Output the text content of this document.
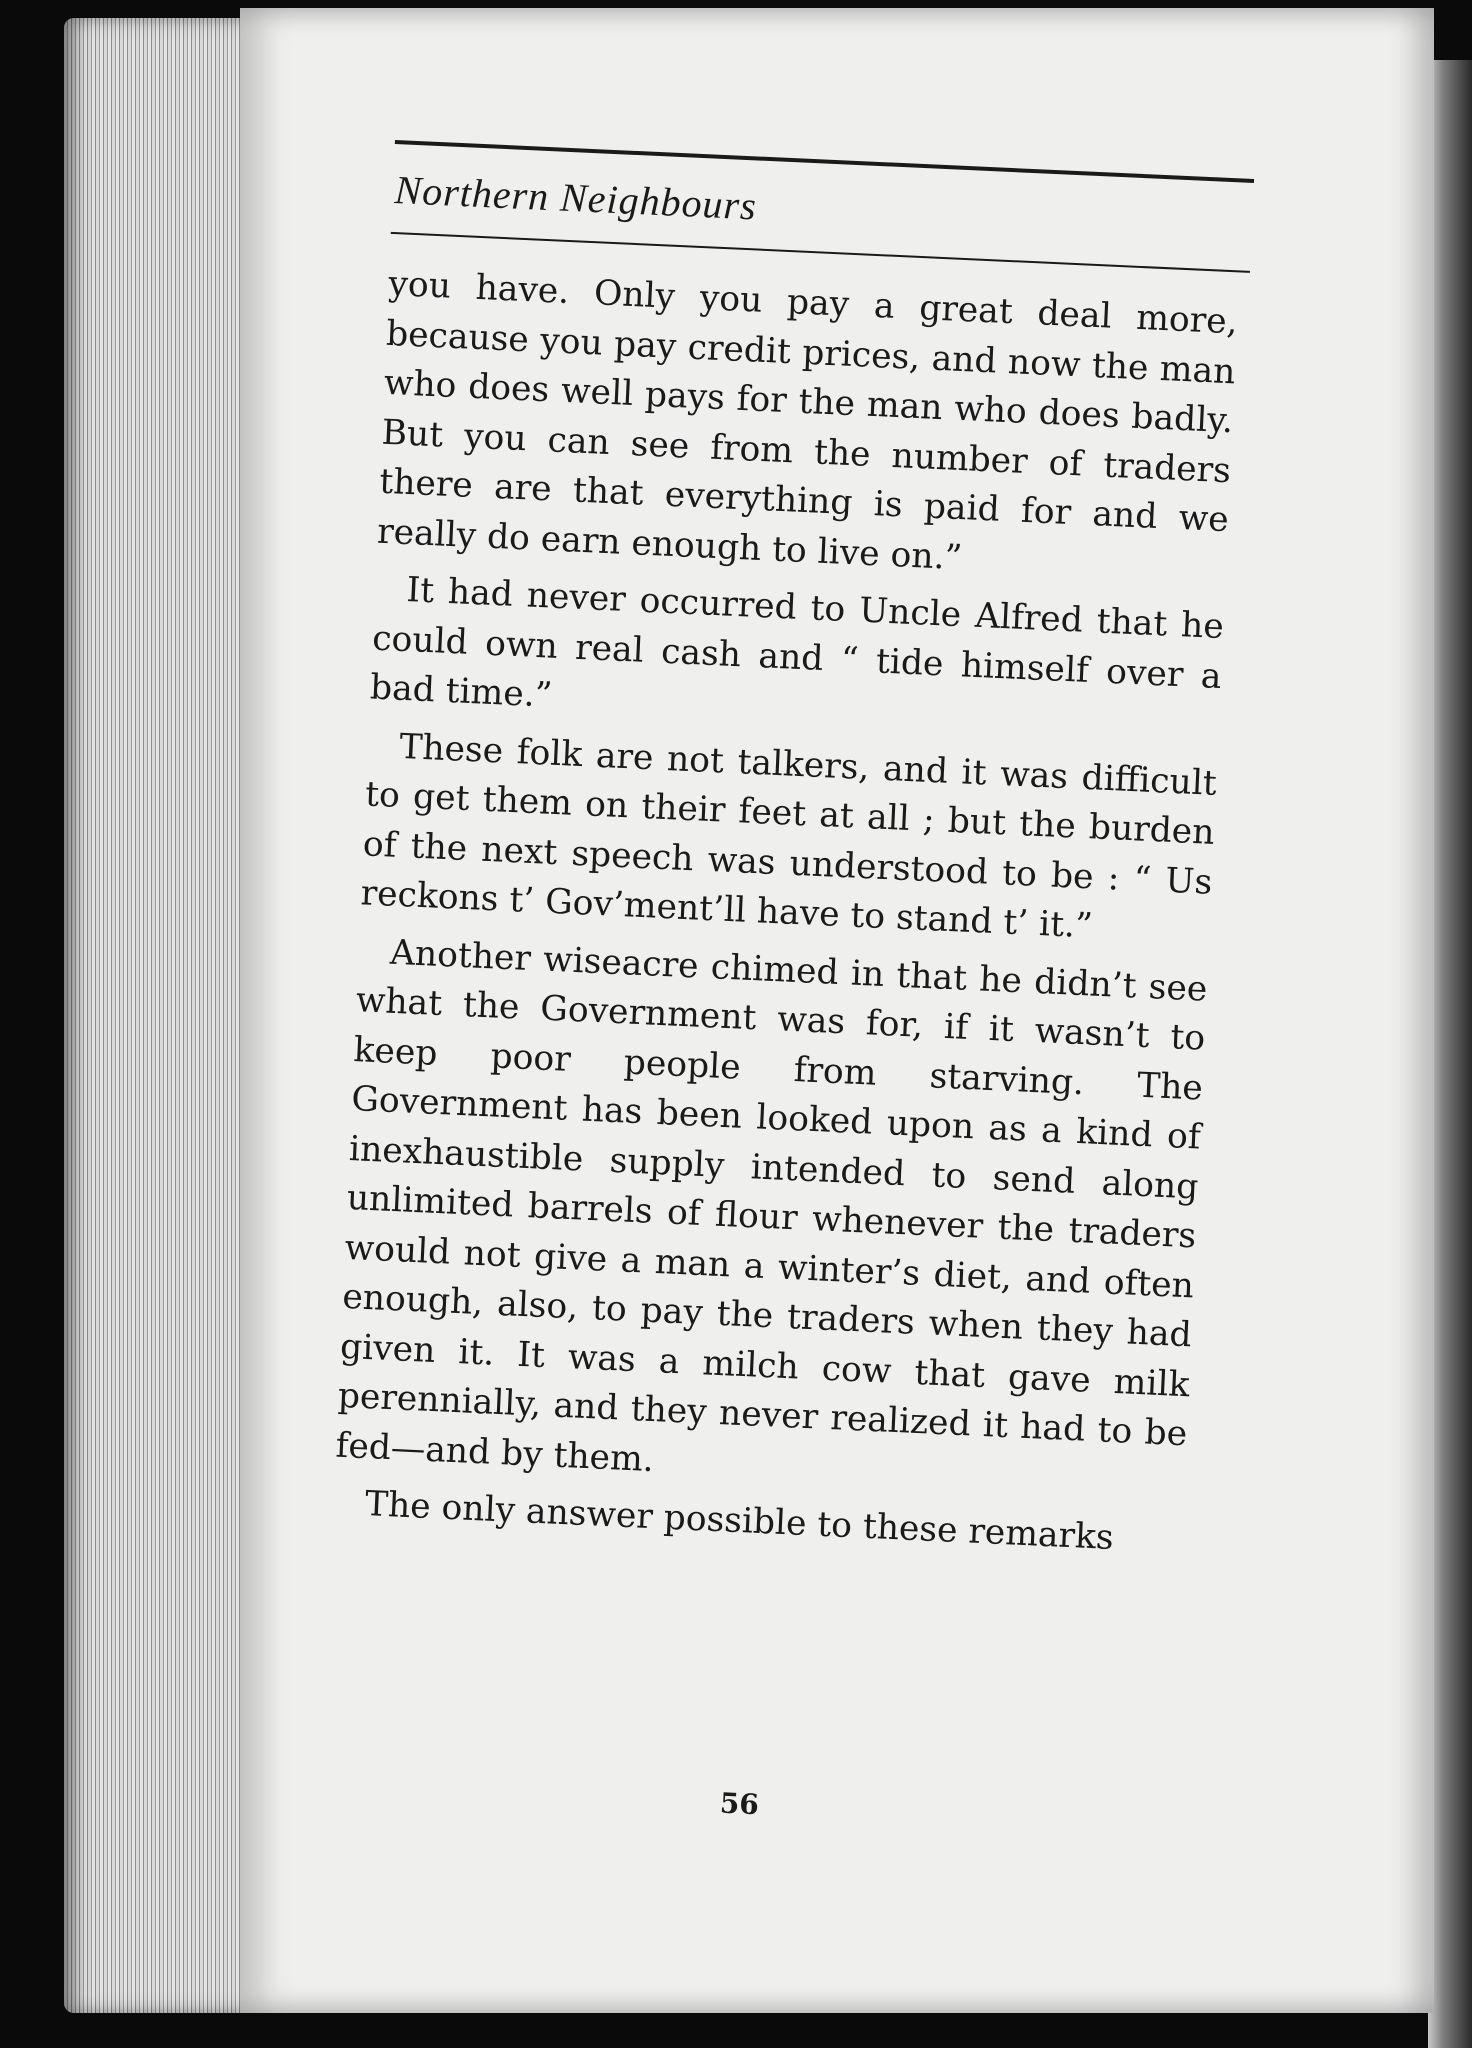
Northern Neighbours

you have. Only you pay a great deal more, because you pay credit prices, and now the man who does well pays for the man who does badly. But you can see from the number of traders there are that everything is paid for and we really do earn enough to live on.”

It had never occurred to Uncle Alfred that he could own real cash and “ tide himself over a bad time.”

These folk are not talkers, and it was difficult to get them on their feet at all ; but the burden of the next speech was understood to be : “ Us reckons t’ Gov’ment’ll have to stand t’ it.”

Another wiseacre chimed in that he didn’t see what the Government was for, if it wasn’t to keep poor people from starving. The Government has been looked upon as a kind of inexhaustible supply intended to send along unlimited barrels of flour whenever the traders would not give a man a winter’s diet, and often enough, also, to pay the traders when they had given it. It was a milch cow that gave milk perennially, and they never realized it had to be fed—and by them.

The only answer possible to these remarks

56
